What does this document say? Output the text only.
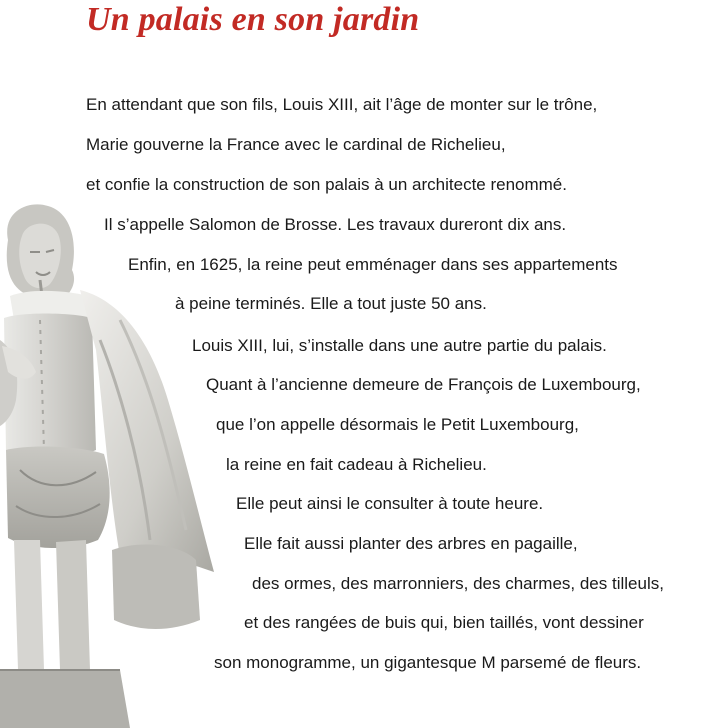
Un palais en son jardin
En attendant que son fils, Louis XIII, ait l’âge de monter sur le trône,
Marie gouverne la France avec le cardinal de Richelieu,
et confie la construction de son palais à un architecte renommé.
Il s’appelle Salomon de Brosse. Les travaux dureront dix ans.
Enfin, en 1625, la reine peut emménager dans ses appartements
à peine terminés. Elle a tout juste 50 ans.
Louis XIII, lui, s’installe dans une autre partie du palais.
Quant à l’ancienne demeure de François de Luxembourg,
que l’on appelle désormais le Petit Luxembourg,
la reine en fait cadeau à Richelieu.
Elle peut ainsi le consulter à toute heure.
Elle fait aussi planter des arbres en pagaille,
des ormes, des marronniers, des charmes, des tilleuls,
et des rangées de buis qui, bien taillés, vont dessiner
son monogramme, un gigantesque M parsemé de fleurs.
